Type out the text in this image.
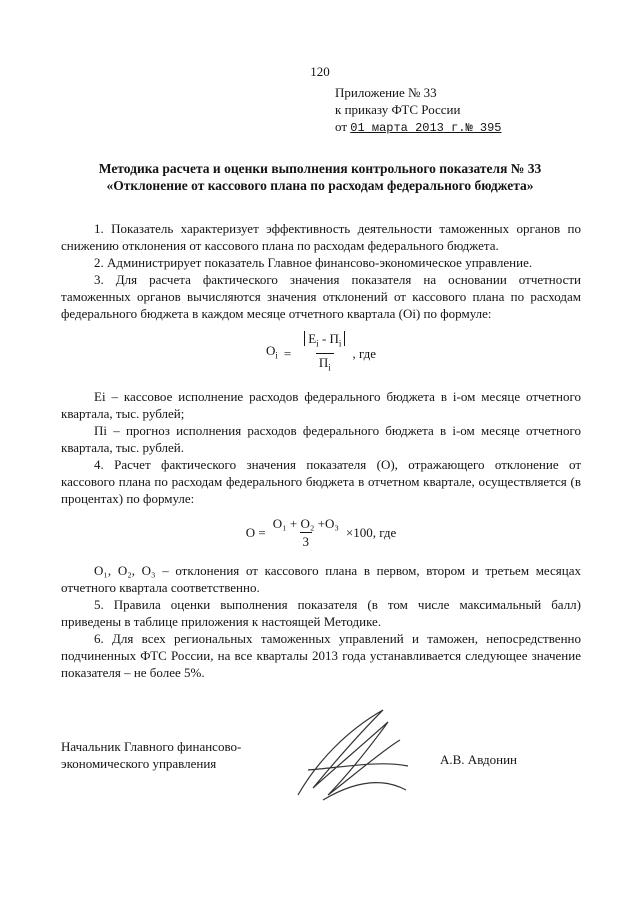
120
Приложение № 33
к приказу ФТС России
от 01 марта 2013 г.№ 395
Методика расчета и оценки выполнения контрольного показателя № 33
«Отклонение от кассового плана по расходам федерального бюджета»

1. Показатель характеризует эффективность деятельности таможенных органов по снижению отклонения от кассового плана по расходам федерального бюджета.

2. Администрирует показатель Главное финансово-экономическое управление.

3. Для расчета фактического значения показателя на основании отчетности таможенных органов вычисляются значения отклонений от кассового плана по расходам федерального бюджета в каждом месяце отчетного квартала (Оі) по формуле:

$О_і = \frac{Е_і - П_і}{П_і}$ , где

Еі – кассовое исполнение расходов федерального бюджета в і-ом месяце отчетного квартала, тыс. рублей;

Пі – прогноз исполнения расходов федерального бюджета в і-ом месяце отчетного квартала, тыс. рублей.

4. Расчет фактического значения показателя (О), отражающего отклонение от кассового плана по расходам федерального бюджета в отчетном квартале, осуществляется (в процентах) по формуле:

$О = \frac{\text{О₁ + О₂ +О₃}}{3} \times 100$, где

О₁, О₂, О₃ – отклонения от кассового плана в первом, втором и третьем месяцах отчетного квартала соответственно.

5. Правила оценки выполнения показателя (в том числе максимальный балл) приведены в таблице приложения к настоящей Методике.

6. Для всех региональных таможенных управлений и таможен, непосредственно подчиненных ФТС России, на все кварталы 2013 года устанавливается следующее значение показателя – не более 5%.

Начальник Главного финансово-
экономического управления	А.В. Авдонин
